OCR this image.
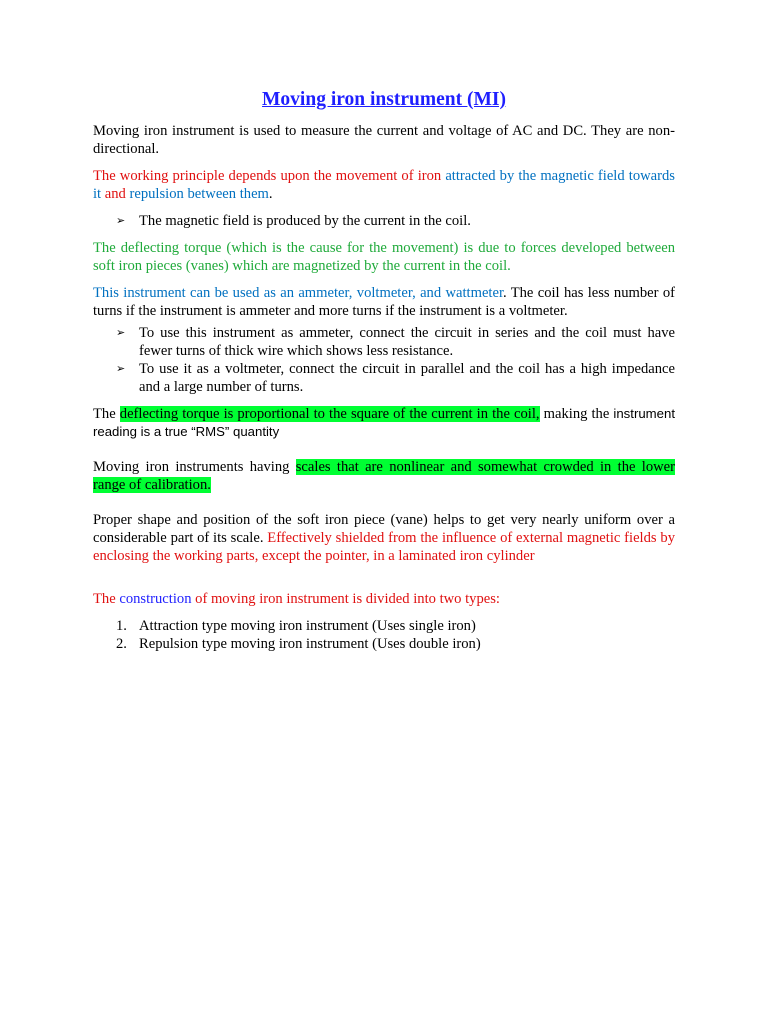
Moving iron instrument (MI)

Moving iron instrument is used to measure the current and voltage of AC and DC. They are non-directional.

The working principle depends upon the movement of iron attracted by the magnetic field towards it and repulsion between them.

➢ The magnetic field is produced by the current in the coil.

The deflecting torque (which is the cause for the movement) is due to forces developed between soft iron pieces (vanes) which are magnetized by the current in the coil.

This instrument can be used as an ammeter, voltmeter, and wattmeter. The coil has less number of turns if the instrument is ammeter and more turns if the instrument is a voltmeter.

➢ To use this instrument as ammeter, connect the circuit in series and the coil must have fewer turns of thick wire which shows less resistance.
➢ To use it as a voltmeter, connect the circuit in parallel and the coil has a high impedance and a large number of turns.

The deflecting torque is proportional to the square of the current in the coil, making the instrument reading is a true “RMS” quantity

Moving iron instruments having scales that are nonlinear and somewhat crowded in the lower range of calibration.

Proper shape and position of the soft iron piece (vane) helps to get very nearly uniform over a considerable part of its scale. Effectively shielded from the influence of external magnetic fields by enclosing the working parts, except the pointer, in a laminated iron cylinder

The construction of moving iron instrument is divided into two types:

1. Attraction type moving iron instrument (Uses single iron)
2. Repulsion type moving iron instrument (Uses double iron)
